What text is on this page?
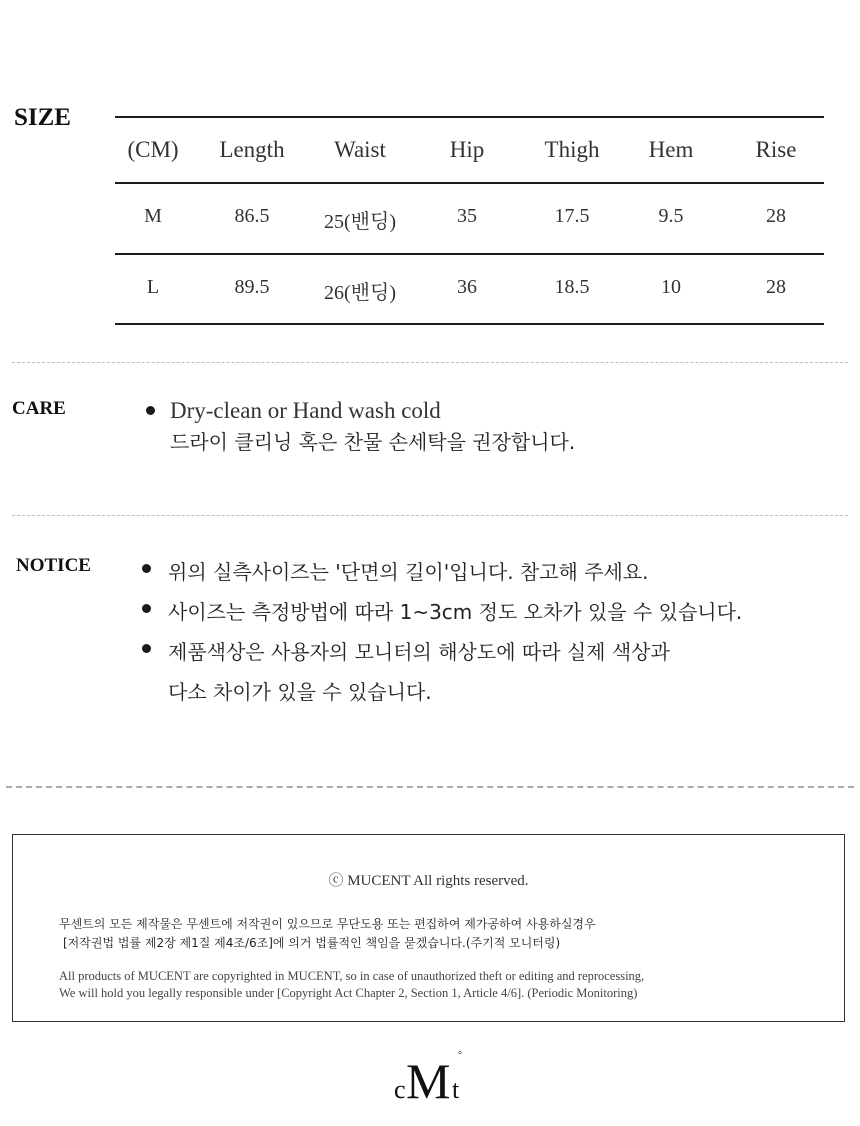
SIZE
(CM)	Length	Waist	Hip	Thigh	Hem	Rise
M	86.5	25(밴딩)	35	17.5	9.5	28
L	89.5	26(밴딩)	36	18.5	10	28
CARE	Dry-clean or Hand wash cold
드라이 클리닝 혹은 찬물 손세탁을 권장합니다.
NOTICE	위의 실측사이즈는 '단면의 길이'입니다. 참고해 주세요.
사이즈는 측정방법에 따라 1~3cm 정도 오차가 있을 수 있습니다.
제품색상은 사용자의 모니터의 해상도에 따라 실제 색상과
다소 차이가 있을 수 있습니다.
ⓒ MUCENT All rights reserved.
무센트의 모든 제작물은 무센트에 저작권이 있으므로 무단도용 또는 편집하여 제가공하여 사용하실경우
[저작권법 법률 제2장 제1질 제4조/6조]에 의거 법률적인 책임을 묻겠습니다.(주기적 모니터링)
All products of MUCENT are copyrighted in MUCENT, so in case of unauthorized theft or editing and reprocessing,
We will hold you legally responsible under [Copyright Act Chapter 2, Section 1, Article 4/6]. (Periodic Monitoring)
c M t
°
